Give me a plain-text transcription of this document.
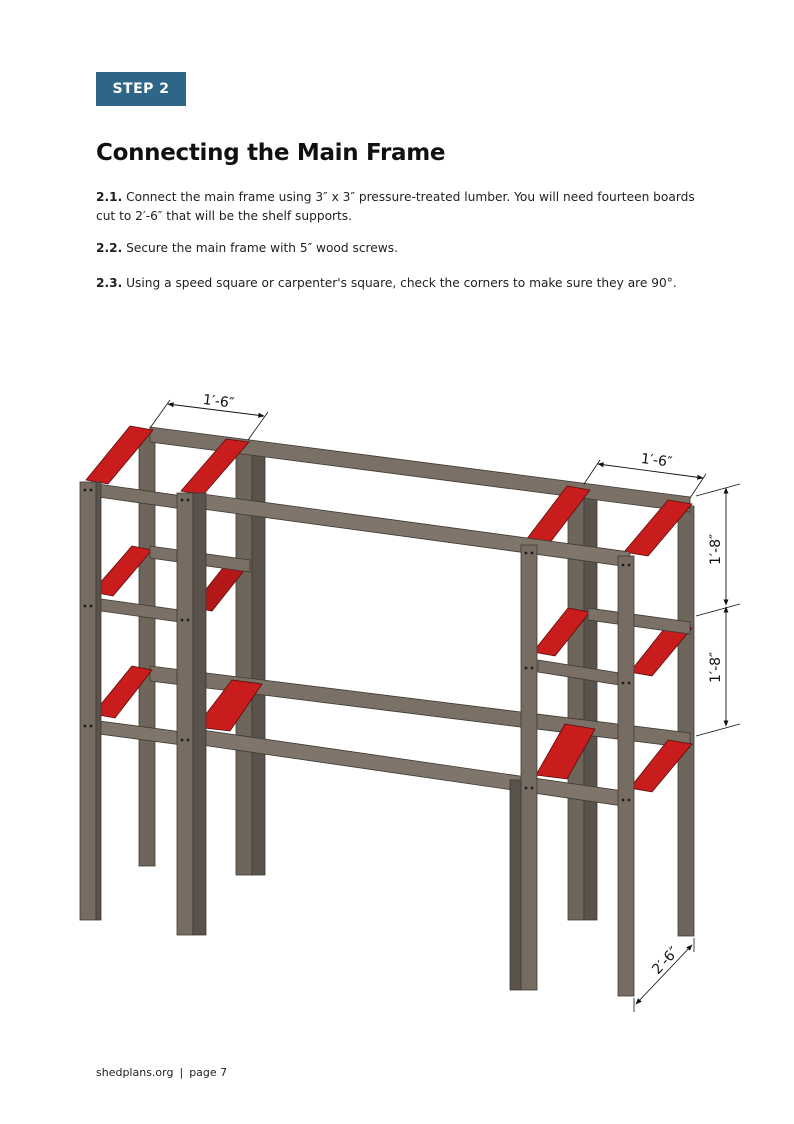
STEP 2
Connecting the Main Frame

2.1. Connect the main frame using 3″ x 3″ pressure-treated lumber. You will need fourteen boards cut to 2′-6″ that will be the shelf supports.

2.2. Secure the main frame with 5″ wood screws.

2.3. Using a speed square or carpenter's square, check the corners to make sure they are 90°.

1′-6″
1′-6″
1′-8″
1′-8″
2′-6″
shedplans.org | page 7
